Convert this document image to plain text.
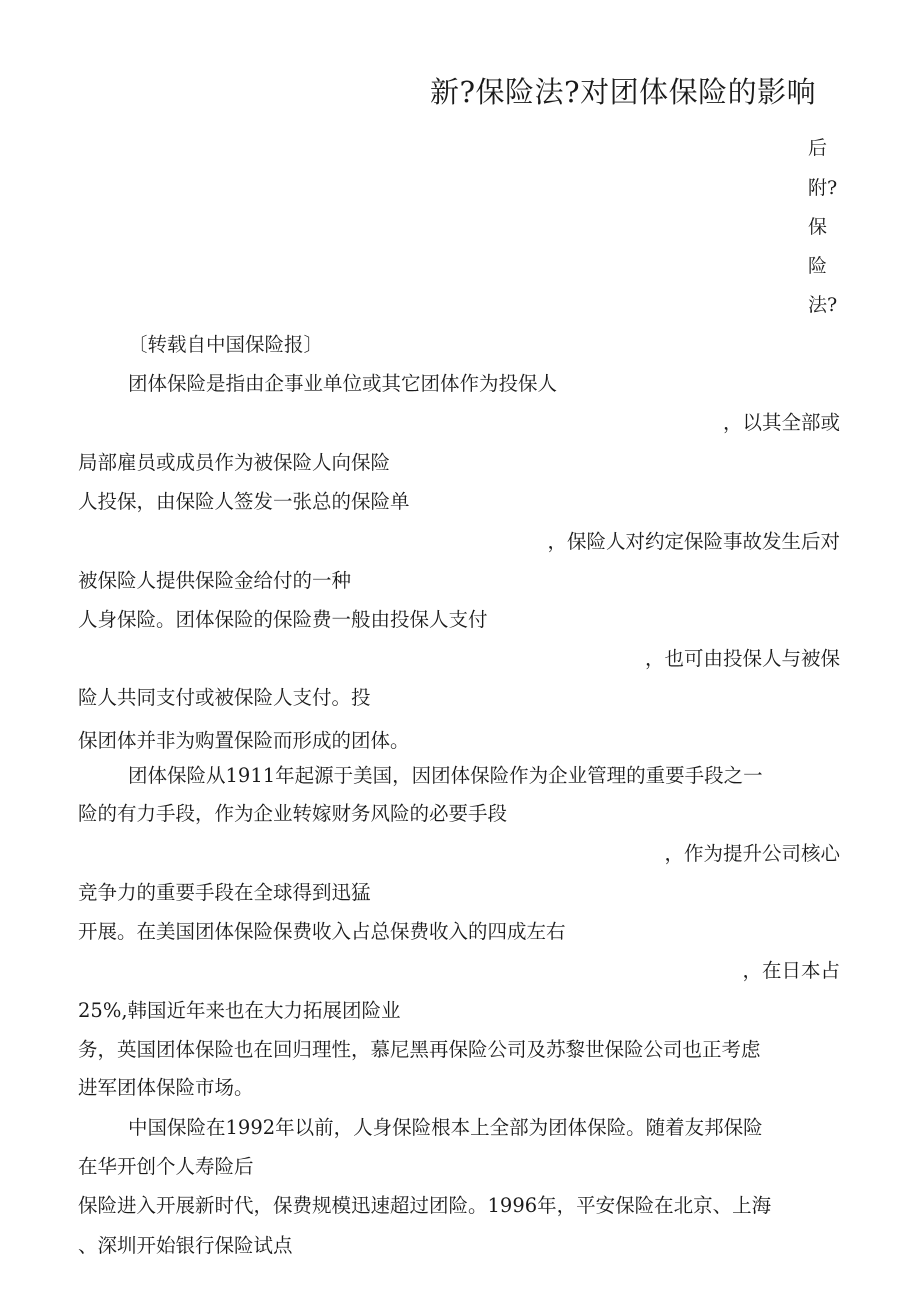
新?保险法?对团体保险的影响
后
附?
保
险
法?
〔转载自中国保险报〕
团体保险是指由企事业单位或其它团体作为投保人
，以其全部或
局部雇员或成员作为被保险人向保险
人投保，由保险人签发一张总的保险单
，保险人对约定保险事故发生后对
被保险人提供保险金给付的一种
人身保险。团体保险的保险费一般由投保人支付
，也可由投保人与被保
险人共同支付或被保险人支付。投
保团体并非为购置保险而形成的团体。
团体保险从1911年起源于美国，因团体保险作为企业管理的重要手段之一
险的有力手段，作为企业转嫁财务风险的必要手段
，作为提升公司核心
竞争力的重要手段在全球得到迅猛
开展。在美国团体保险保费收入占总保费收入的四成左右
，在日本占
25%,韩国近年来也在大力拓展团险业
务，英国团体保险也在回归理性，慕尼黑再保险公司及苏黎世保险公司也正考虑
进军团体保险市场。
中国保险在1992年以前，人身保险根本上全部为团体保险。随着友邦保险
在华开创个人寿险后
保险进入开展新时代，保费规模迅速超过团险。1996年，平安保险在北京、上海
、深圳开始银行保险试点
